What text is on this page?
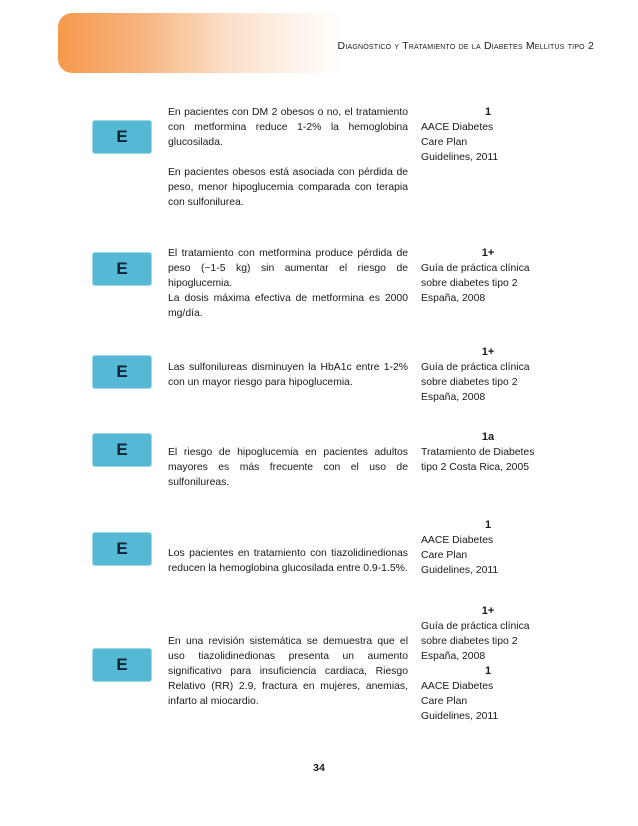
Diagnóstico y Tratamiento de la Diabetes Mellitus tipo 2
E

En pacientes con DM 2 obesos o no, el tratamiento con metformina reduce 1-2% la hemoglobina glucosilada.

En pacientes obesos está asociada con pérdida de peso, menor hipoglucemia comparada con terapia con sulfonilurea.

1
AACE Diabetes Care Plan Guidelines, 2011
E

El tratamiento con metformina produce pérdida de peso (~1-5 kg) sin aumentar el riesgo de hipoglucemia.

La dosis máxima efectiva de metformina es 2000 mg/día.

1+
Guía de práctica clínica sobre diabetes tipo 2 España, 2008
E	Las sulfonilureas disminuyen la HbA1c entre 1-2% con un mayor riesgo para hipoglucemia.

1+
Guía de práctica clínica sobre diabetes tipo 2 España, 2008
E	El riesgo de hipoglucemia en pacientes adultos mayores es más frecuente con el uso de sulfonilureas.

1a
Tratamiento de Diabetes tipo 2 Costa Rica, 2005
E	Los pacientes en tratamiento con tiazolidinedionas reducen la hemoglobina glucosilada entre 0.9-1.5%.

1
AACE Diabetes Care Plan Guidelines, 2011
E

En una revisión sistemática se demuestra que el uso tiazolidinedionas presenta un aumento significativo para insuficiencia cardiaca, Riesgo Relativo (RR) 2.9, fractura en mujeres, anemias, infarto al miocardio.

1+
Guía de práctica clínica sobre diabetes tipo 2 España, 2008
1
AACE Diabetes Care Plan Guidelines, 2011
34
